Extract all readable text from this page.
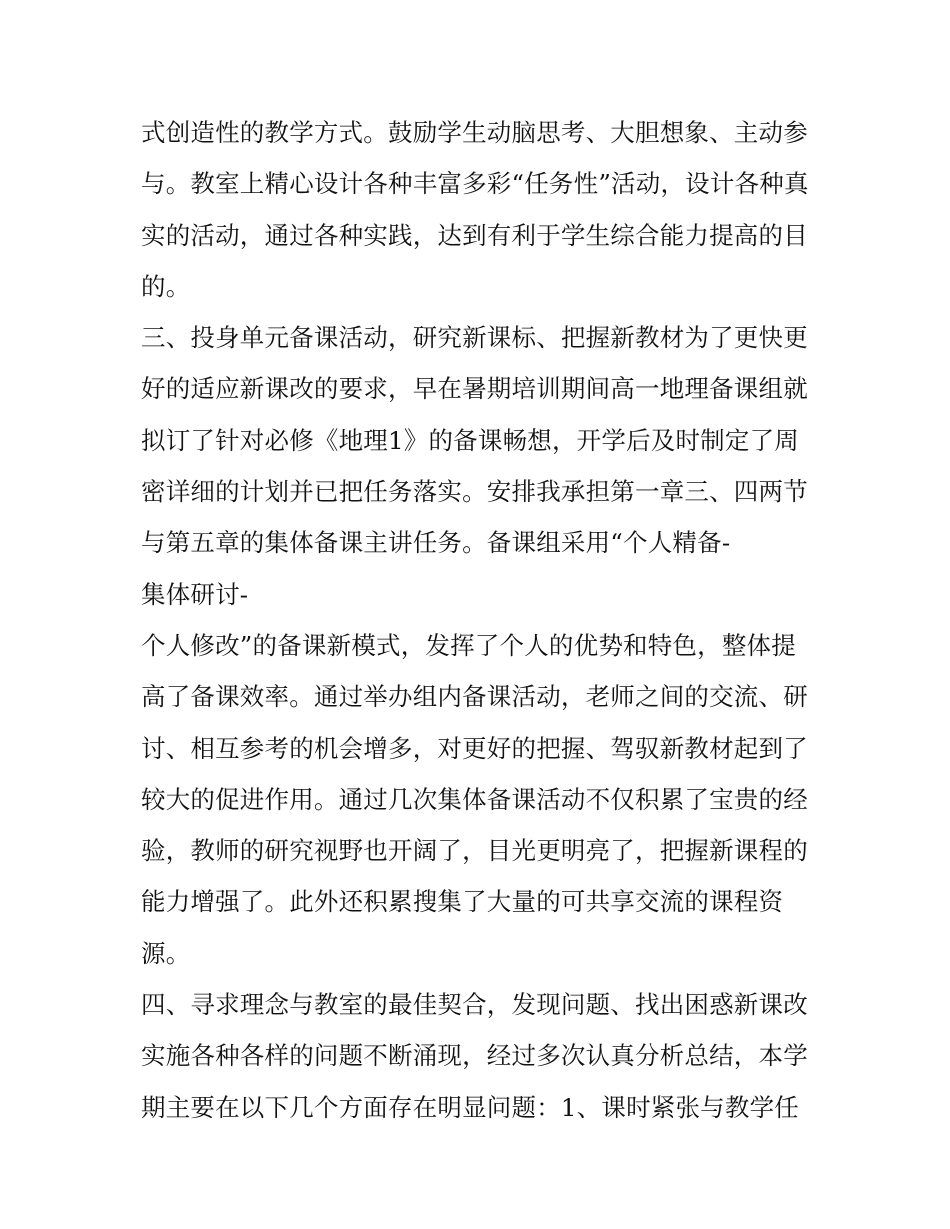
式创造性的教学方式。鼓励学生动脑思考、大胆想象、主动参
与。教室上精心设计各种丰富多彩“任务性”活动，设计各种真
实的活动，通过各种实践，达到有利于学生综合能力提高的目
的。
三、投身单元备课活动，研究新课标、把握新教材为了更快更
好的适应新课改的要求，早在暑期培训期间高一地理备课组就
拟订了针对必修《地理1》的备课畅想，开学后及时制定了周
密详细的计划并已把任务落实。安排我承担第一章三、四两节
与第五章的集体备课主讲任务。备课组采用“个人精备-
集体研讨-
个人修改”的备课新模式，发挥了个人的优势和特色，整体提
高了备课效率。通过举办组内备课活动，老师之间的交流、研
讨、相互参考的机会增多，对更好的把握、驾驭新教材起到了
较大的促进作用。通过几次集体备课活动不仅积累了宝贵的经
验，教师的研究视野也开阔了，目光更明亮了，把握新课程的
能力增强了。此外还积累搜集了大量的可共享交流的课程资
源。
四、寻求理念与教室的最佳契合，发现问题、找出困惑新课改
实施各种各样的问题不断涌现，经过多次认真分析总结，本学
期主要在以下几个方面存在明显问题：1、课时紧张与教学任
